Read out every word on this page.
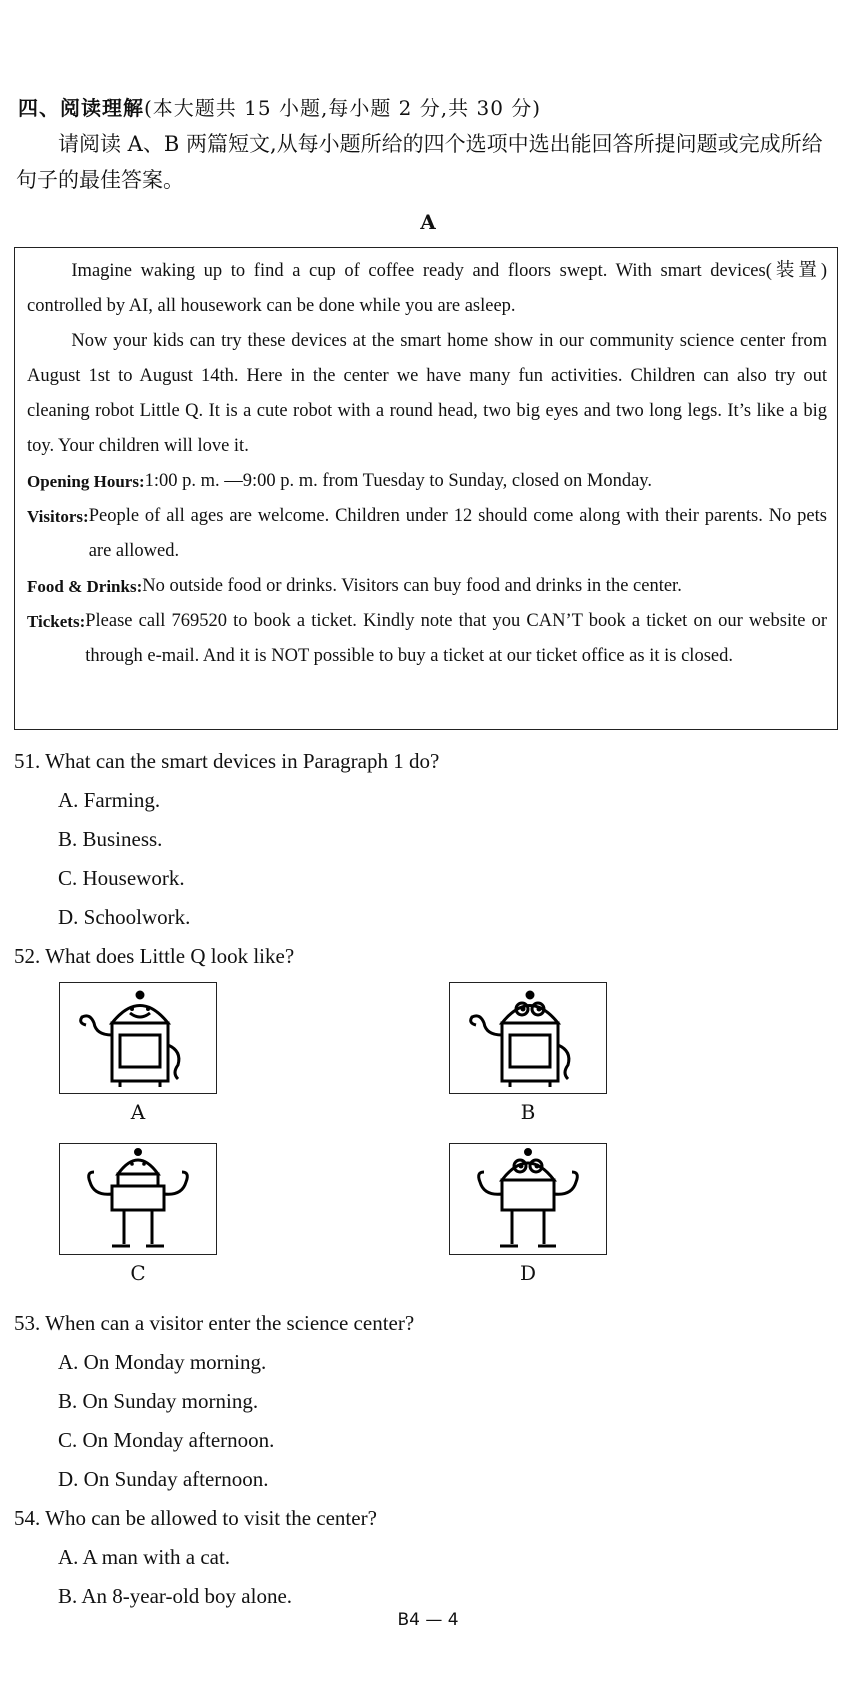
四、阅读理解(本大题共 15 小题,每小题 2 分,共 30 分)
请阅读 A、B 两篇短文,从每小题所给的四个选项中选出能回答所提问题或完成所给句子的最佳答案。
A

Imagine waking up to find a cup of coffee ready and floors swept. With smart devices(装置) controlled by AI, all housework can be done while you are asleep.

Now your kids can try these devices at the smart home show in our community science center from August 1st to August 14th. Here in the center we have many fun activities. Children can also try out cleaning robot Little Q. It is a cute robot with a round head, two big eyes and two long legs. It’s like a big toy. Your children will love it.

Opening Hours: 1:00 p. m. —9:00 p. m. from Tuesday to Sunday, closed on Monday.
Visitors: People of all ages are welcome. Children under 12 should come along with their parents. No pets are allowed.
Food & Drinks: No outside food or drinks. Visitors can buy food and drinks in the center.
Tickets: Please call 769520 to book a ticket. Kindly note that you CAN’T book a ticket on our website or through e-mail. And it is NOT possible to buy a ticket at our ticket office as it is closed.
51. What can the smart devices in Paragraph 1 do?
A. Farming.
B. Business.
C. Housework.
D. Schoolwork.
52. What does Little Q look like?
A	B
C	D
53. When can a visitor enter the science center?
A. On Monday morning.
B. On Sunday morning.
C. On Monday afternoon.
D. On Sunday afternoon.
54. Who can be allowed to visit the center?
A. A man with a cat.
B. An 8-year-old boy alone.
B4 — 4
